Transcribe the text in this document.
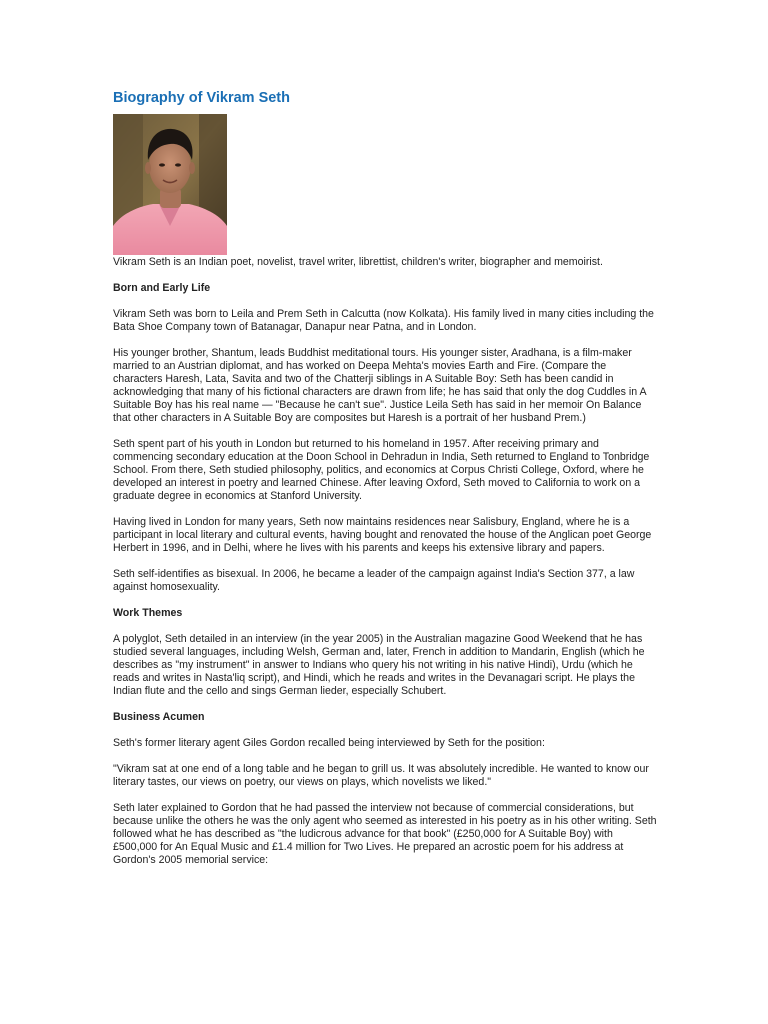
Biography of Vikram Seth

Vikram Seth is an Indian poet, novelist, travel writer, librettist, children's writer, biographer and memoirist.

Born and Early Life

Vikram Seth was born to Leila and Prem Seth in Calcutta (now Kolkata). His family lived in many cities including the Bata Shoe Company town of Batanagar, Danapur near Patna, and in London.

His younger brother, Shantum, leads Buddhist meditational tours. His younger sister, Aradhana, is a film-maker married to an Austrian diplomat, and has worked on Deepa Mehta's movies Earth and Fire. (Compare the characters Haresh, Lata, Savita and two of the Chatterji siblings in A Suitable Boy: Seth has been candid in acknowledging that many of his fictional characters are drawn from life; he has said that only the dog Cuddles in A Suitable Boy has his real name — "Because he can't sue". Justice Leila Seth has said in her memoir On Balance that other characters in A Suitable Boy are composites but Haresh is a portrait of her husband Prem.)

Seth spent part of his youth in London but returned to his homeland in 1957. After receiving primary and commencing secondary education at the Doon School in Dehradun in India, Seth returned to England to Tonbridge School. From there, Seth studied philosophy, politics, and economics at Corpus Christi College, Oxford, where he developed an interest in poetry and learned Chinese. After leaving Oxford, Seth moved to California to work on a graduate degree in economics at Stanford University.

Having lived in London for many years, Seth now maintains residences near Salisbury, England, where he is a participant in local literary and cultural events, having bought and renovated the house of the Anglican poet George Herbert in 1996, and in Delhi, where he lives with his parents and keeps his extensive library and papers.

Seth self-identifies as bisexual. In 2006, he became a leader of the campaign against India's Section 377, a law against homosexuality.

Work Themes

A polyglot, Seth detailed in an interview (in the year 2005) in the Australian magazine Good Weekend that he has studied several languages, including Welsh, German and, later, French in addition to Mandarin, English (which he describes as "my instrument" in answer to Indians who query his not writing in his native Hindi), Urdu (which he reads and writes in Nasta'liq script), and Hindi, which he reads and writes in the Devanagari script. He plays the Indian flute and the cello and sings German lieder, especially Schubert.

Business Acumen

Seth's former literary agent Giles Gordon recalled being interviewed by Seth for the position:

"Vikram sat at one end of a long table and he began to grill us. It was absolutely incredible. He wanted to know our literary tastes, our views on poetry, our views on plays, which novelists we liked."

Seth later explained to Gordon that he had passed the interview not because of commercial considerations, but because unlike the others he was the only agent who seemed as interested in his poetry as in his other writing. Seth followed what he has described as "the ludicrous advance for that book" (£250,000 for A Suitable Boy) with £500,000 for An Equal Music and £1.4 million for Two Lives. He prepared an acrostic poem for his address at Gordon's 2005 memorial service:
